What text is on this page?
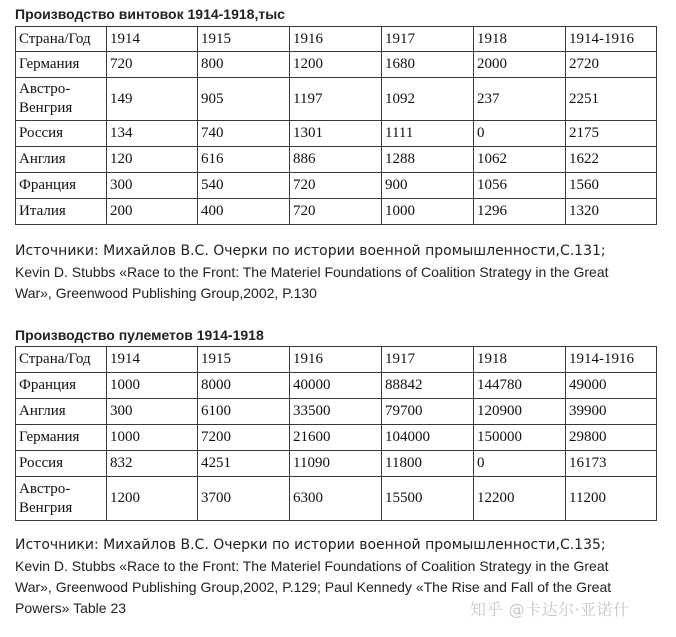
Производство винтовок 1914-1918,тыс
Страна/Год	1914	1915	1916	1917	1918	1914-1916
Германия	720	800	1200	1680	2000	2720
Австро-Венгрия	149	905	1197	1092	237	2251
Россия	134	740	1301	1111	0	2175
Англия	120	616	886	1288	1062	1622
Франция	300	540	720	900	1056	1560
Италия	200	400	720	1000	1296	1320
Источники: Михайлов В.С. Очерки по истории военной промышленности,С.131;
Kevin D. Stubbs «Race to the Front: The Materiel Foundations of Coalition Strategy in the Great
War», Greenwood Publishing Group,2002, P.130
Производство пулеметов 1914-1918
Страна/Год	1914	1915	1916	1917	1918	1914-1916
Франция	1000	8000	40000	88842	144780	49000
Англия	300	6100	33500	79700	120900	39900
Германия	1000	7200	21600	104000	150000	29800
Россия	832	4251	11090	11800	0	16173
Австро-Венгрия	1200	3700	6300	15500	12200	11200
Источники: Михайлов В.С. Очерки по истории военной промышленности,С.135;
Kevin D. Stubbs «Race to the Front: The Materiel Foundations of Coalition Strategy in the Great
War», Greenwood Publishing Group,2002, P.129; Paul Kennedy «The Rise and Fall of the Great
Powers» Table 23	知乎 @卡达尔·亚诺什
